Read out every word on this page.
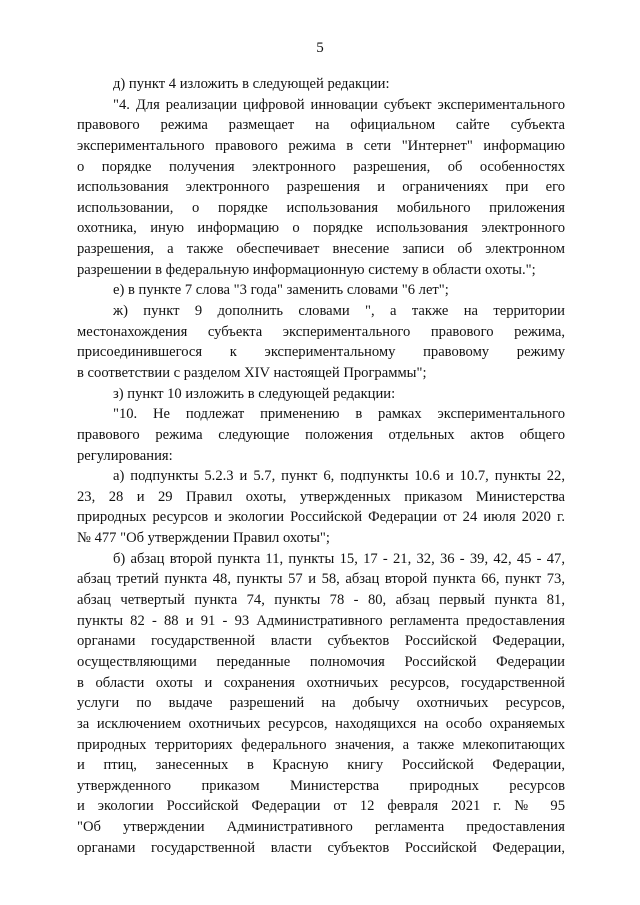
5
д) пункт 4 изложить в следующей редакции:
"4. Для реализации цифровой инновации субъект экспериментального
правового режима размещает на официальном сайте субъекта
экспериментального правового режима в сети "Интернет" информацию
о порядке получения электронного разрешения, об особенностях
использования электронного разрешения и ограничениях при его
использовании, о порядке использования мобильного приложения
охотника, иную информацию о порядке использования электронного
разрешения, а также обеспечивает внесение записи об электронном
разрешении в федеральную информационную систему в области охоты.";
е) в пункте 7 слова "3 года" заменить словами "6 лет";
ж) пункт 9 дополнить словами ", а также на территории
местонахождения субъекта экспериментального правового режима,
присоединившегося к экспериментальному правовому режиму
в соответствии с разделом XIV настоящей Программы";
з) пункт 10 изложить в следующей редакции:
"10. Не подлежат применению в рамках экспериментального
правового режима следующие положения отдельных актов общего
регулирования:
а) подпункты 5.2.3 и 5.7, пункт 6, подпункты 10.6 и 10.7, пункты 22,
23, 28 и 29 Правил охоты, утвержденных приказом Министерства
природных ресурсов и экологии Российской Федерации от 24 июля 2020 г.
№ 477 "Об утверждении Правил охоты";
б) абзац второй пункта 11, пункты 15, 17 - 21, 32, 36 - 39, 42, 45 - 47,
абзац третий пункта 48, пункты 57 и 58, абзац второй пункта 66, пункт 73,
абзац четвертый пункта 74, пункты 78 - 80, абзац первый пункта 81,
пункты 82 - 88 и 91 - 93 Административного регламента предоставления
органами государственной власти субъектов Российской Федерации,
осуществляющими переданные полномочия Российской Федерации
в области охоты и сохранения охотничьих ресурсов, государственной
услуги по выдаче разрешений на добычу охотничьих ресурсов,
за исключением охотничьих ресурсов, находящихся на особо охраняемых
природных территориях федерального значения, а также млекопитающих
и птиц, занесенных в Красную книгу Российской Федерации,
утвержденного приказом Министерства природных ресурсов
и экологии Российской Федерации от 12 февраля 2021 г. № 95
"Об утверждении Административного регламента предоставления
органами государственной власти субъектов Российской Федерации,
